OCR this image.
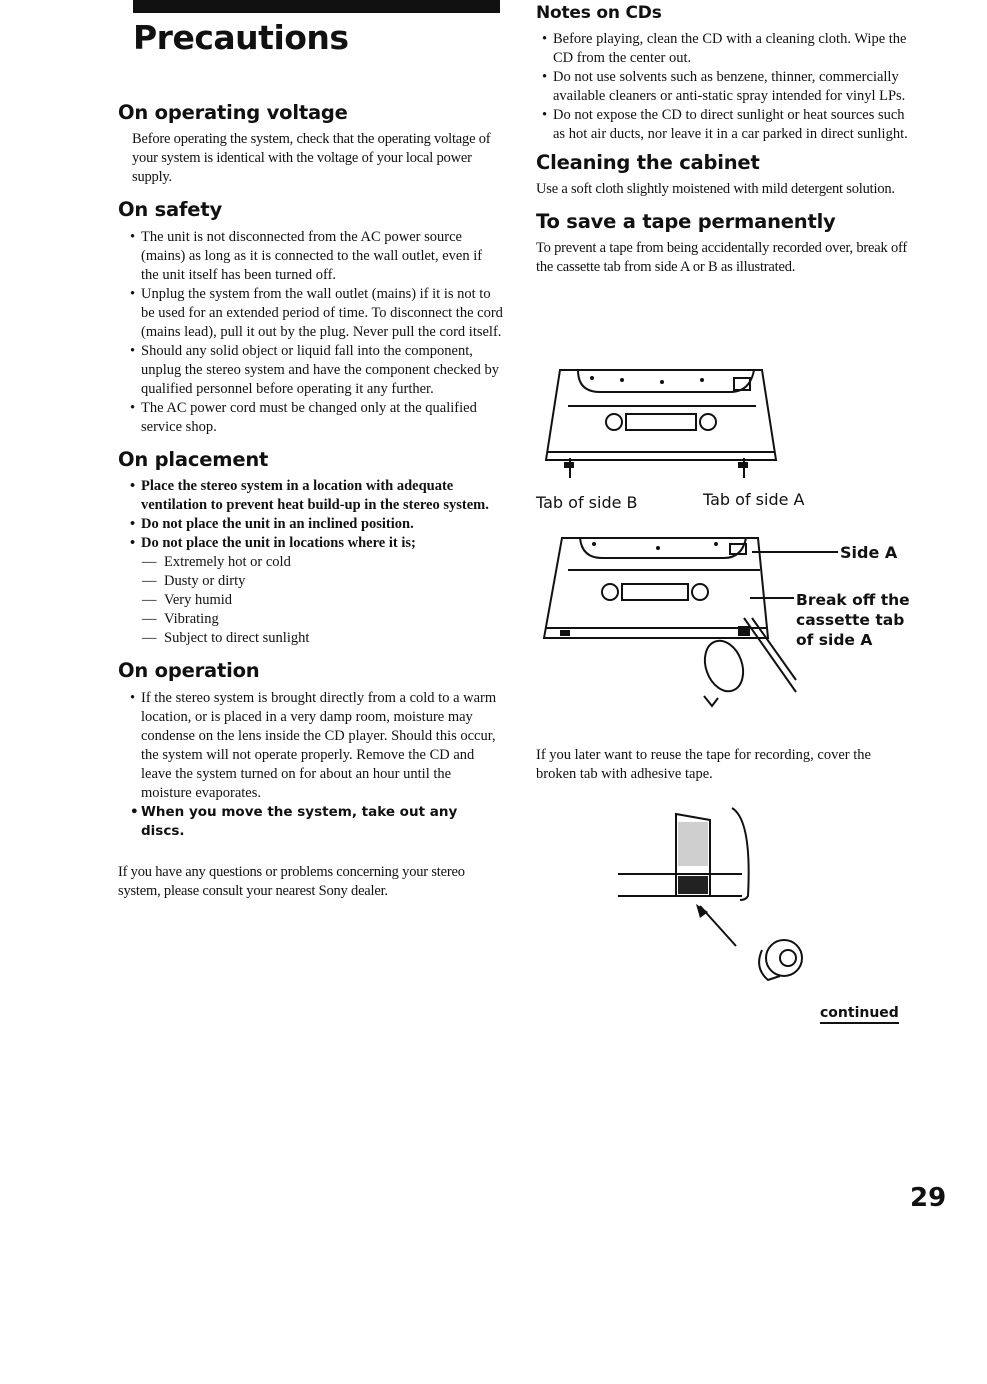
Precautions
On operating voltage

Before operating the system, check that the operating voltage of your system is identical with the voltage of your local power supply.

On safety
• The unit is not disconnected from the AC power source (mains) as long as it is connected to the wall outlet, even if the unit itself has been turned off.
• Unplug the system from the wall outlet (mains) if it is not to be used for an extended period of time. To disconnect the cord (mains lead), pull it out by the plug. Never pull the cord itself.
• Should any solid object or liquid fall into the component, unplug the stereo system and have the component checked by qualified personnel before operating it any further.
• The AC power cord must be changed only at the qualified service shop.
On placement
• Place the stereo system in a location with adequate ventilation to prevent heat build-up in the stereo system.
• Do not place the unit in an inclined position.
• Do not place the unit in locations where it is;
— Extremely hot or cold
— Dusty or dirty
— Very humid
— Vibrating
— Subject to direct sunlight
On operation
• If the stereo system is brought directly from a cold to a warm location, or is placed in a very damp room, moisture may condense on the lens inside the CD player. Should this occur, the system will not operate properly. Remove the CD and leave the system turned on for about an hour until the moisture evaporates.
• When you move the system, take out any discs.

If you have any questions or problems concerning your stereo system, please consult your nearest Sony dealer.

Notes on CDs
• Before playing, clean the CD with a cleaning cloth. Wipe the CD from the center out.
• Do not use solvents such as benzene, thinner, commercially available cleaners or anti-static spray intended for vinyl LPs.
• Do not expose the CD to direct sunlight or heat sources such as hot air ducts, nor leave it in a car parked in direct sunlight.
Cleaning the cabinet

Use a soft cloth slightly moistened with mild detergent solution.

To save a tape permanently

To prevent a tape from being accidentally recorded over, break off the cassette tab from side A or B as illustrated.

Tab of side B	Tab of side A
Side A
Break off the cassette tab of side A

If you later want to reuse the tape for recording, cover the broken tab with adhesive tape.

continued
29
